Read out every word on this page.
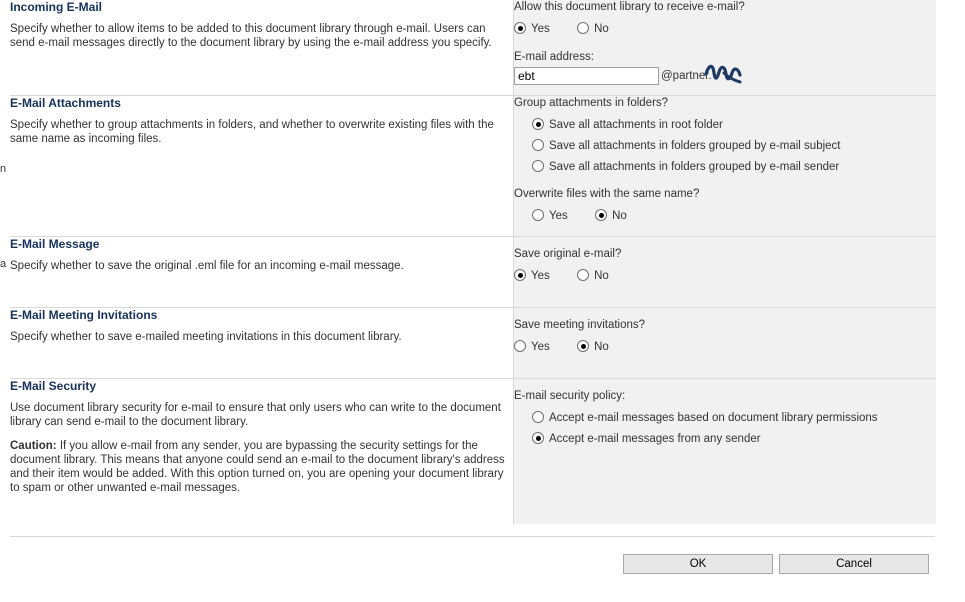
n
a
Incoming E-Mail

Specify whether to allow items to be added to this document library through e-mail. Users can send e-mail messages directly to the document library by using the e-mail address you specify.

Allow this document library to receive e-mail?

Yes	No
E-mail address:
ebt
@partner.

E-Mail Attachments

Specify whether to group attachments in folders, and whether to overwrite existing files with the same name as incoming files.

Group attachments in folders?

Save all attachments in root folder
Save all attachments in folders grouped by e-mail subject
Save all attachments in folders grouped by e-mail sender

Overwrite files with the same name?

Yes	No

E-Mail Message

Specify whether to save the original .eml file for an incoming e-mail message.

Save original e-mail?

Yes	No

E-Mail Meeting Invitations

Specify whether to save e-mailed meeting invitations in this document library.

Save meeting invitations?

Yes	No

E-Mail Security

Use document library security for e-mail to ensure that only users who can write to the document library can send e-mail to the document library.

Caution: If you allow e-mail from any sender, you are bypassing the security settings for the document library. This means that anyone could send an e-mail to the document library's address and their item would be added. With this option turned on, you are opening your document library to spam or other unwanted e-mail messages.

E-mail security policy:

Accept e-mail messages based on document library permissions
Accept e-mail messages from any sender
OK	Cancel
